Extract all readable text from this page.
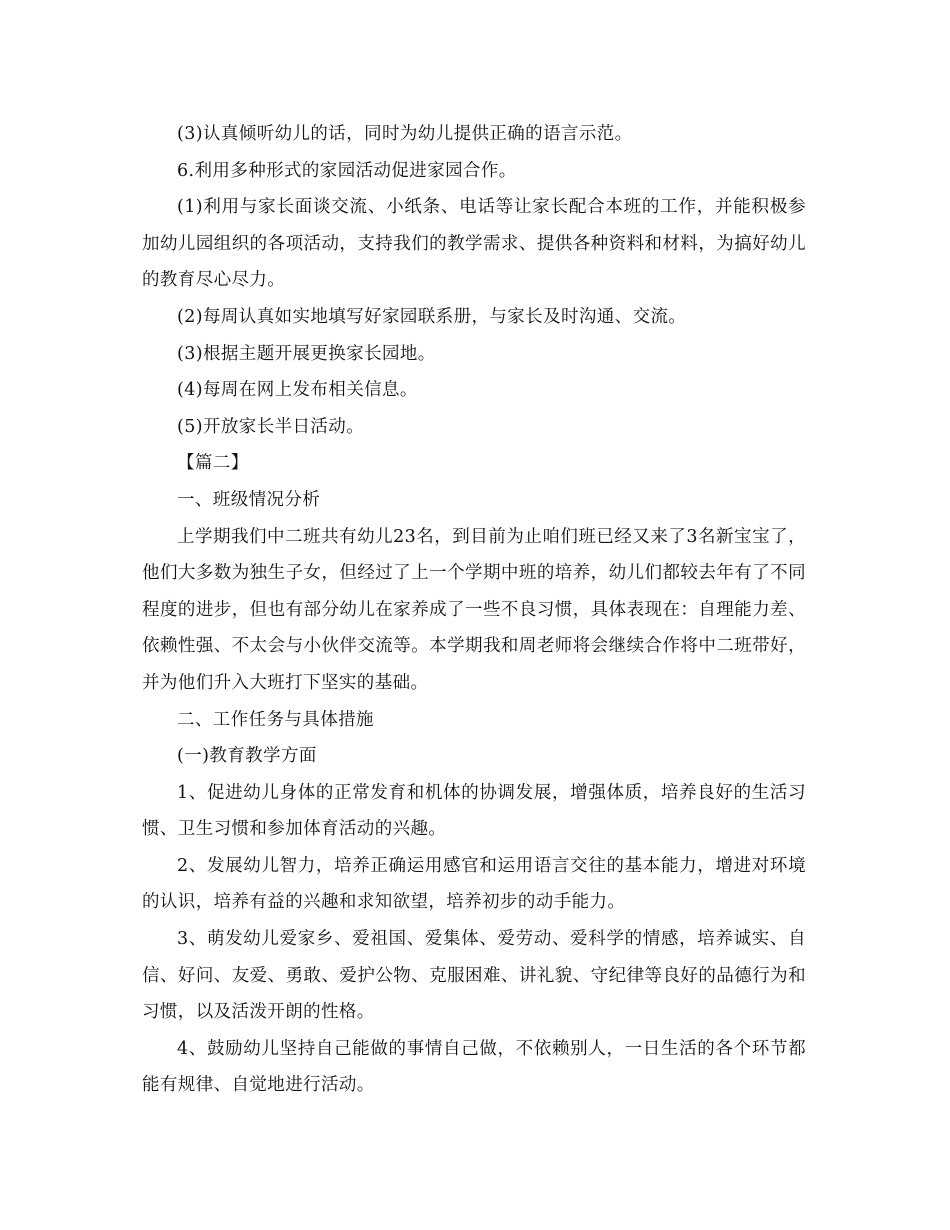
(3)认真倾听幼儿的话，同时为幼儿提供正确的语言示范。

6.利用多种形式的家园活动促进家园合作。

(1)利用与家长面谈交流、小纸条、电话等让家长配合本班的工作，并能积极参加幼儿园组织的各项活动，支持我们的教学需求、提供各种资料和材料，为搞好幼儿的教育尽心尽力。

(2)每周认真如实地填写好家园联系册，与家长及时沟通、交流。

(3)根据主题开展更换家长园地。

(4)每周在网上发布相关信息。

(5)开放家长半日活动。

【篇二】

一、班级情况分析

上学期我们中二班共有幼儿23名，到目前为止咱们班已经又来了3名新宝宝了，他们大多数为独生子女，但经过了上一个学期中班的培养，幼儿们都较去年有了不同程度的进步，但也有部分幼儿在家养成了一些不良习惯，具体表现在：自理能力差、依赖性强、不太会与小伙伴交流等。本学期我和周老师将会继续合作将中二班带好，并为他们升入大班打下坚实的基础。

二、工作任务与具体措施

(一)教育教学方面

1、促进幼儿身体的正常发育和机体的协调发展，增强体质，培养良好的生活习惯、卫生习惯和参加体育活动的兴趣。

2、发展幼儿智力，培养正确运用感官和运用语言交往的基本能力，增进对环境的认识，培养有益的兴趣和求知欲望，培养初步的动手能力。

3、萌发幼儿爱家乡、爱祖国、爱集体、爱劳动、爱科学的情感，培养诚实、自信、好问、友爱、勇敢、爱护公物、克服困难、讲礼貌、守纪律等良好的品德行为和习惯，以及活泼开朗的性格。

4、鼓励幼儿坚持自己能做的事情自己做，不依赖别人，一日生活的各个环节都能有规律、自觉地进行活动。
